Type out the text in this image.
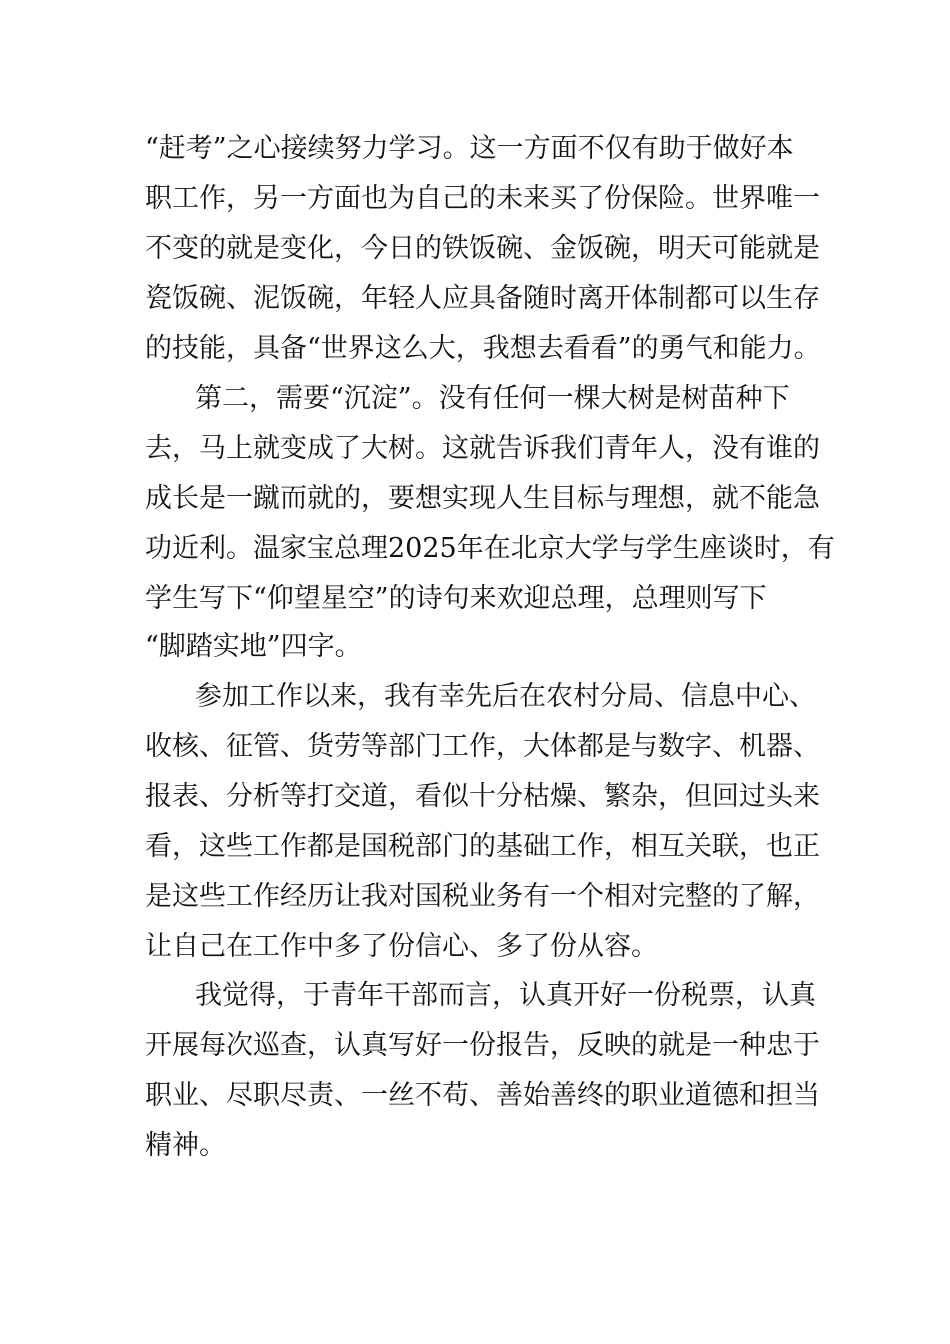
“赶考”之心接续努力学习。这一方面不仅有助于做好本
职工作，另一方面也为自己的未来买了份保险。世界唯一
不变的就是变化，今日的铁饭碗、金饭碗，明天可能就是
瓷饭碗、泥饭碗，年轻人应具备随时离开体制都可以生存
的技能，具备“世界这么大，我想去看看”的勇气和能力。
第二，需要“沉淀”。没有任何一棵大树是树苗种下
去，马上就变成了大树。这就告诉我们青年人，没有谁的
成长是一蹴而就的，要想实现人生目标与理想，就不能急
功近利。温家宝总理2025年在北京大学与学生座谈时，有
学生写下“仰望星空”的诗句来欢迎总理，总理则写下
“脚踏实地”四字。
参加工作以来，我有幸先后在农村分局、信息中心、
收核、征管、货劳等部门工作，大体都是与数字、机器、
报表、分析等打交道，看似十分枯燥、繁杂，但回过头来
看，这些工作都是国税部门的基础工作，相互关联，也正
是这些工作经历让我对国税业务有一个相对完整的了解，
让自己在工作中多了份信心、多了份从容。
我觉得，于青年干部而言，认真开好一份税票，认真
开展每次巡查，认真写好一份报告，反映的就是一种忠于
职业、尽职尽责、一丝不苟、善始善终的职业道德和担当
精神。
